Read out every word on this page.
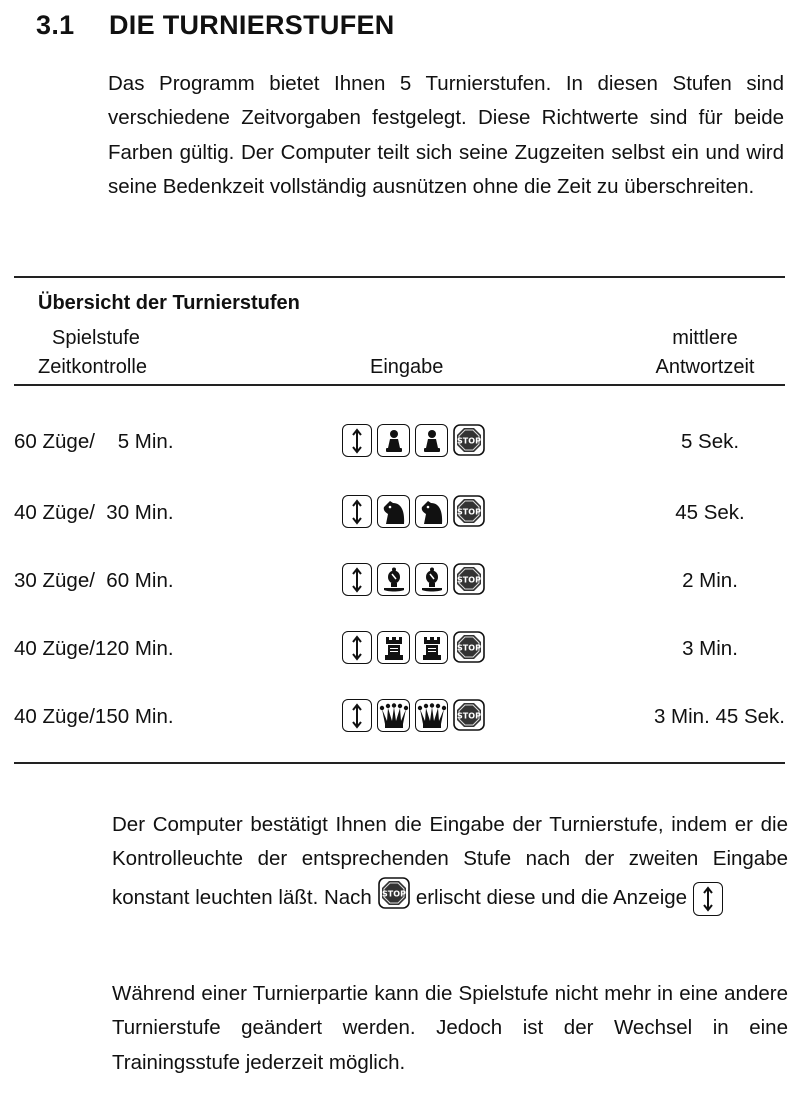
3.1 DIE TURNIERSTUFEN

Das Programm bietet Ihnen 5 Turnierstufen. In diesen Stufen sind verschiedene Zeitvorgaben festgelegt. Diese Richtwerte sind für beide Farben gültig. Der Computer teilt sich seine Zugzeiten selbst ein und wird seine Bedenkzeit vollständig ausnützen ohne die Zeit zu überschreiten.

Übersicht der Turnierstufen
Spielstufe
Zeitkontrolle	Eingabe
mittlere
Antwortzeit
60 Züge/    5 Min.	STOP	5 Sek.
40 Züge/  30 Min.	STOP	45 Sek.
30 Züge/  60 Min.	STOP	2 Min.
40 Züge/120 Min.	STOP	3 Min.
40 Züge/150 Min.	STOP	3 Min. 45 Sek.

Der Computer bestätigt Ihnen die Eingabe der Turnierstufe, indem er die Kontrolleuchte der entsprechenden Stufe nach der zweiten Eingabe konstant leuchten läßt. Nach STOP erlischt diese und die Anzeige

Während einer Turnierpartie kann die Spielstufe nicht mehr in eine andere Turnierstufe geändert werden. Jedoch ist der Wechsel in eine Trainingsstufe jederzeit möglich.
